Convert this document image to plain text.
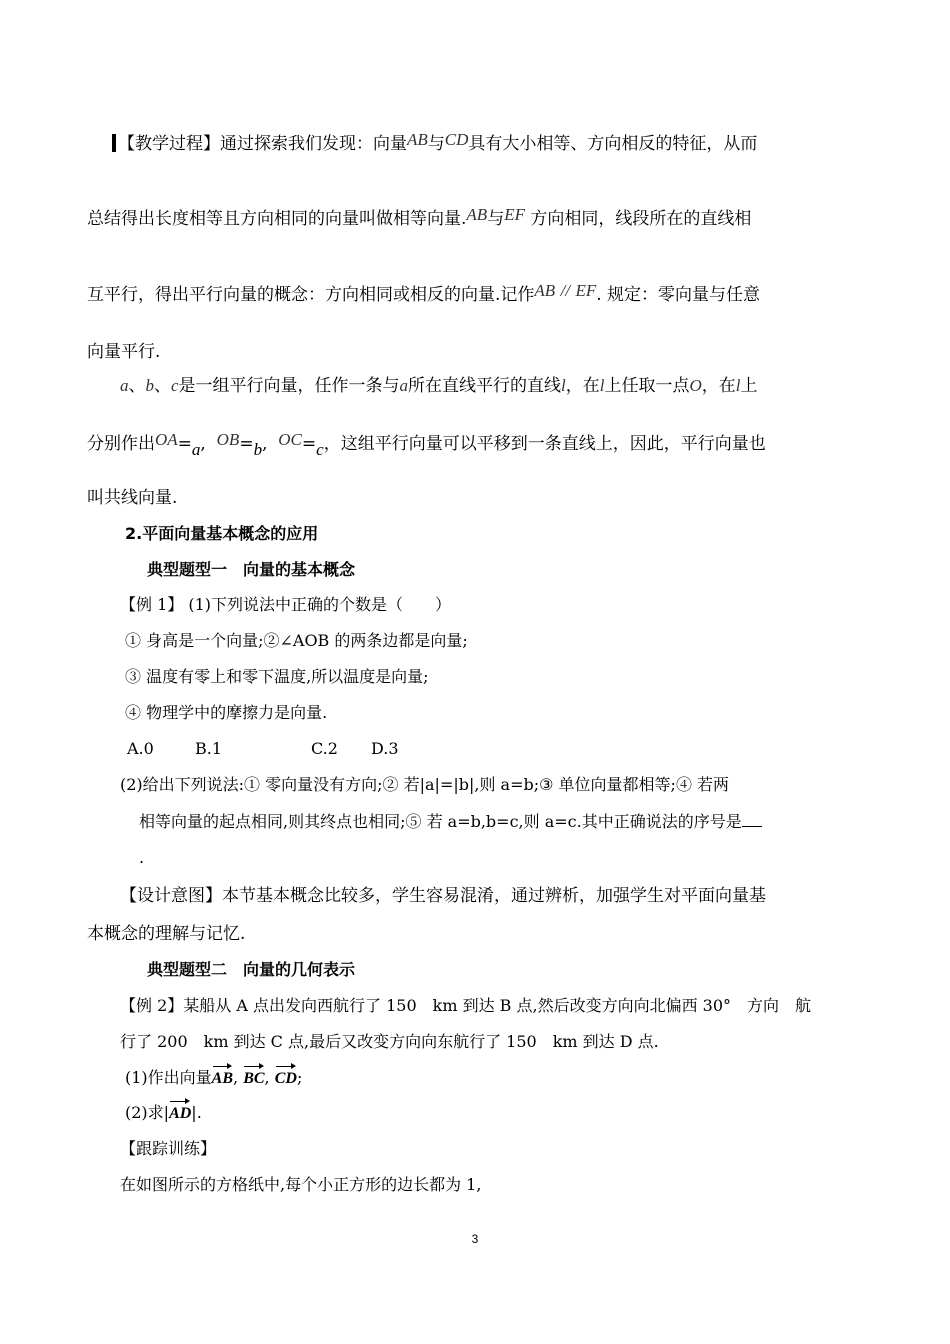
【教学过程】通过探索我们发现：向量AB与CD具有大小相等、方向相反的特征，从而
总结得出长度相等且方向相同的向量叫做相等向量.AB与EF 方向相同，线段所在的直线相
互平行，得出平行向量的概念：方向相同或相反的向量.记作AB // EF. 规定：零向量与任意
向量平行.
a、b、c是一组平行向量，任作一条与a所在直线平行的直线l，在l上任取一点O，在l上
分别作出OA=a, OB=b, OC=c，这组平行向量可以平移到一条直线上，因此，平行向量也
叫共线向量.
2.平面向量基本概念的应用
典型题型一　向量的基本概念
【例 1】 (1)下列说法中正确的个数是（　　）
① 身高是一个向量;②∠AOB 的两条边都是向量;
③ 温度有零上和零下温度,所以温度是向量;
④ 物理学中的摩擦力是向量.
A.0	B.1	C.2 D.3
(2)给出下列说法:① 零向量没有方向;② 若|a|=|b|,则 a=b;③ 单位向量都相等;④ 若两
相等向量的起点相同,则其终点也相同;⑤ 若 a=b,b=c,则 a=c.其中正确说法的序号是
.
【设计意图】本节基本概念比较多，学生容易混淆，通过辨析，加强学生对平面向量基
本概念的理解与记忆.
典型题型二　向量的几何表示
【例 2】某船从 A 点出发向西航行了 150　km 到达 B 点,然后改变方向向北偏西 30°　方向　航
行了 200　km 到达 C 点,最后又改变方向向东航行了 150　km 到达 D 点.
(1)作出向量AB, BC, CD;
(2)求|AD|.
【跟踪训练】
在如图所示的方格纸中,每个小正方形的边长都为 1,
3
